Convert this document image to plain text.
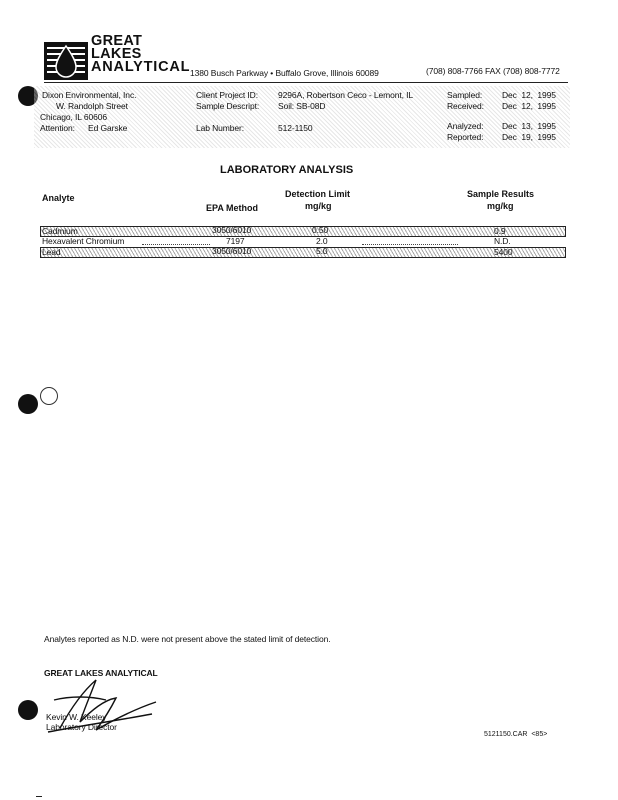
GREAT
LAKES
ANALYTICAL 1380 Busch Parkway • Buffalo Grove, Illinois 60089	(708) 808-7766 FAX (708) 808-7772
Dixon Environmental, Inc.
W. Randolph Street
Chicago, IL 60606
Attention: Ed Garske
Client Project ID: 9296A, Robertson Ceco - Lemont, IL
Sample Descript: Soil: SB-08D
Lab Number:	512-1150
Sampled: Dec  12,  1995
Received: Dec  12,  1995
Analyzed: Dec  13,  1995
Reported: Dec  19,  1995
LABORATORY ANALYSIS
Analyte
EPA Method
Detection Limit
mg/kg
Sample Results
mg/kg
Cadmium	3050/6010	0.50	0.9
Hexavalent Chromium	7197	2.0	N.D.
Lead	3050/6010	5.0	5400
Analytes reported as N.D. were not present above the stated limit of detection.
GREAT LAKES ANALYTICAL
Kevin W. Keeley
Laboratory Director
5121150.CAR  <85>
